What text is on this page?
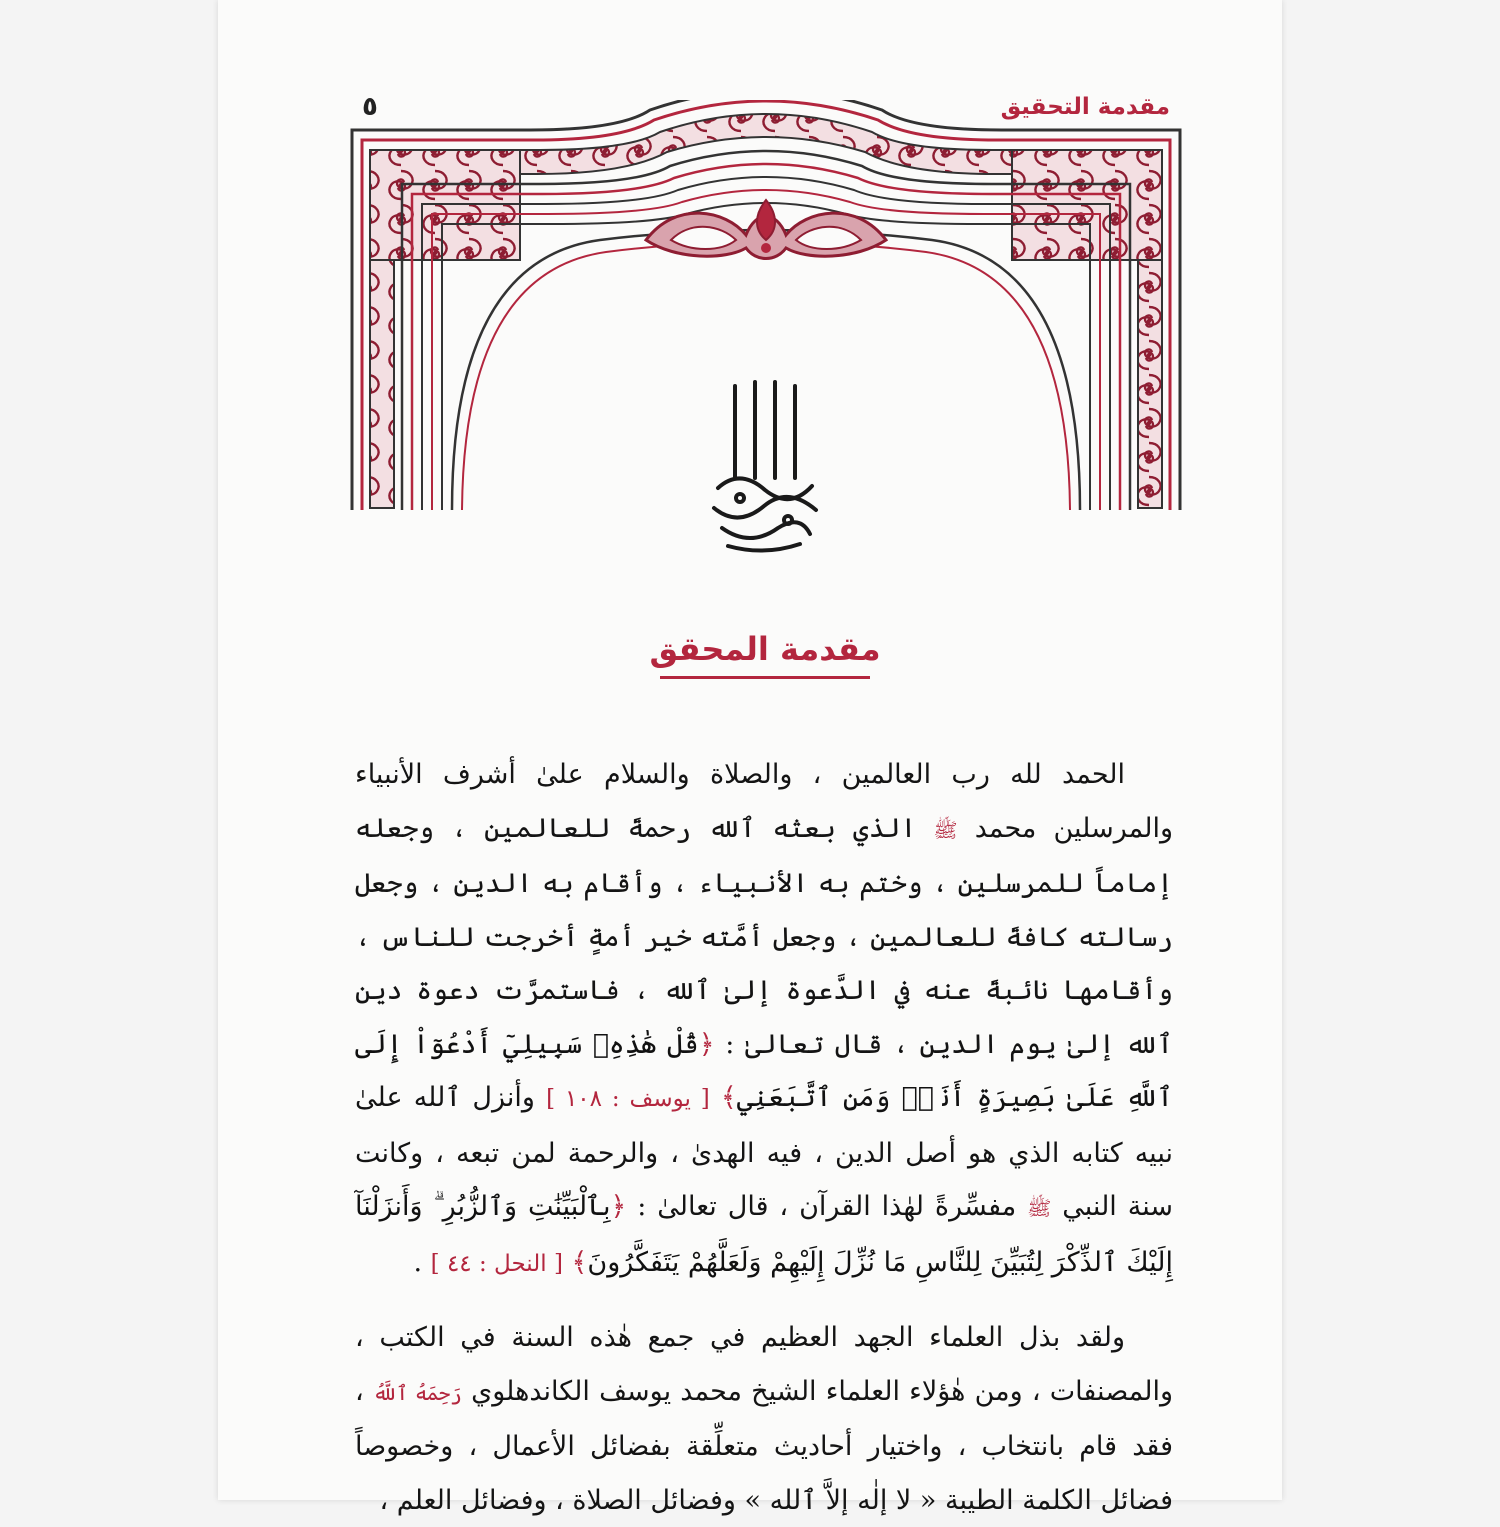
مقدمة التحقيق
٥
مقدمة المحقق

الحمد لله رب العالمين ، والصلاة والسلام علىٰ أشرف الأنبياء والمرسلين محمد ﷺ الذي بعثه ٱلله رحمةً للعالمين ، وجعله إماماً للمرسلين ، وختم به الأنبياء ، وأقام به الدين ، وجعل رسالته كافةً للعالمين ، وجعل أمَّته خير أمةٍ أخرجت للناس ، وأقامها نائبةً عنه في الدَّعوة إلىٰ ٱلله ، فاستمرَّت دعوة دين ٱلله إلىٰ يوم الدين ، قال تعالىٰ : ﴿قُلْ هَٰذِهِۦ سَبِيلِيٓ أَدْعُوٓاْ إِلَى ٱللَّهِ عَلَىٰ بَصِيرَةٍ أَنَا۠ وَمَنِ ٱتَّبَعَنِي﴾ [ يوسف : ١٠٨ ] وأنزل ٱلله علىٰ نبيه كتابه الذي هو أصل الدين ، فيه الهدىٰ ، والرحمة لمن تبعه ، وكانت سنة النبي ﷺ مفسِّرةً لهٰذا القرآن ، قال تعالىٰ : ﴿بِٱلْبَيِّنَٰتِ وَٱلزُّبُرِ ۗ وَأَنزَلْنَآ إِلَيْكَ ٱلذِّكْرَ لِتُبَيِّنَ لِلنَّاسِ مَا نُزِّلَ إِلَيْهِمْ وَلَعَلَّهُمْ يَتَفَكَّرُونَ﴾ [ النحل : ٤٤ ] .

ولقد بذل العلماء الجهد العظيم في جمع هٰذه السنة في الكتب ، والمصنفات ، ومن هٰؤلاء العلماء الشيخ محمد يوسف الكاندهلوي رَحِمَهُ ٱللَّهُ ، فقد قام بانتخاب ، واختيار أحاديث متعلِّقة بفضائل الأعمال ، وخصوصاً فضائل الكلمة الطيبة « لا إلٰه إلاَّ ٱلله » وفضائل الصلاة ، وفضائل العلم ،
